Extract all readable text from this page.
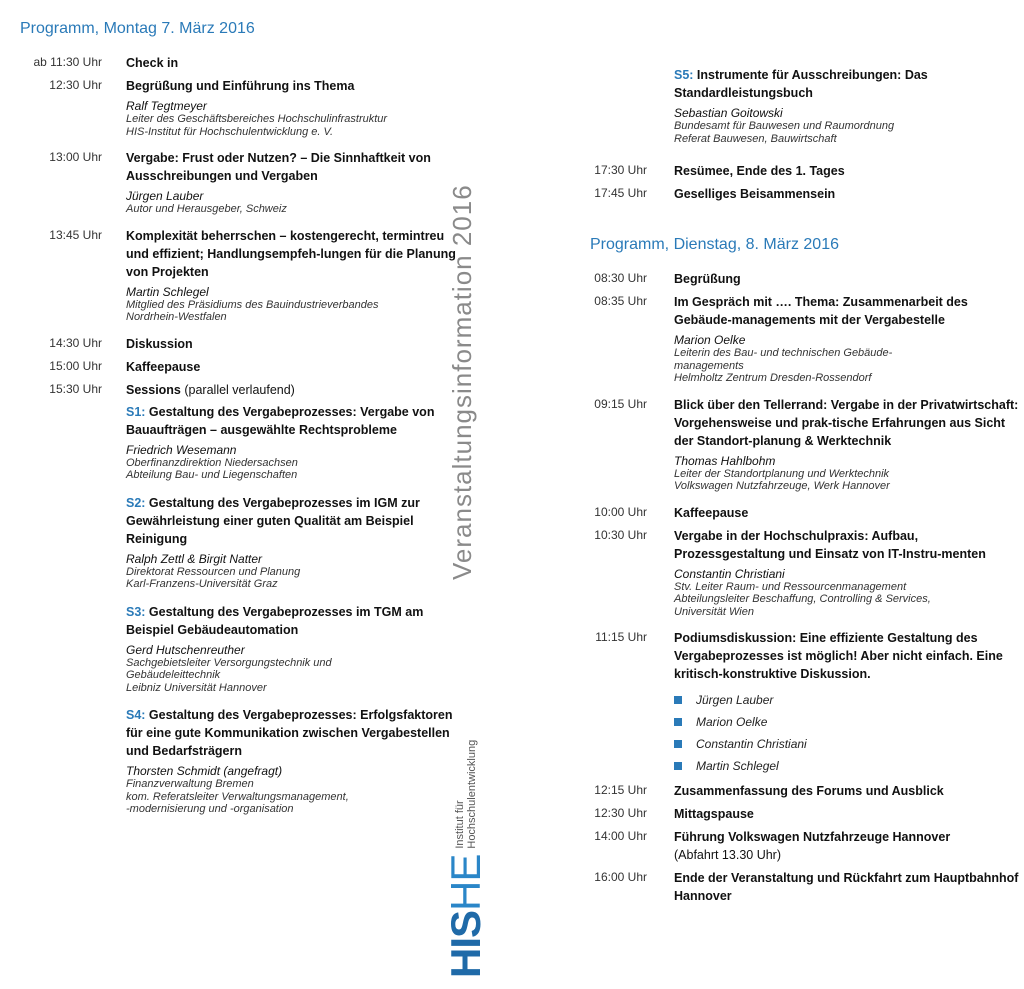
Programm, Montag 7. März 2016
ab 11:30 Uhr	Check in
12:30 Uhr	Begrüßung und Einführung ins Thema
Ralf Tegtmeyer
Leiter des Geschäftsbereiches Hochschulinfrastruktur
HIS-Institut für Hochschulentwicklung e. V.
13:00 Uhr	Vergabe: Frust oder Nutzen? – Die Sinnhaftkeit von Ausschreibungen und Vergaben
Jürgen Lauber
Autor und Herausgeber, Schweiz
13:45 Uhr	Komplexität beherrschen – kostengerecht, termintreu und effizient; Handlungsempfeh-lungen für die Planung von Projekten
Martin Schlegel
Mitglied des Präsidiums des Bauindustrieverbandes
Nordrhein-Westfalen
14:30 Uhr	Diskussion
15:00 Uhr	Kaffeepause
15:30 Uhr	Sessions (parallel verlaufend)
S1: Gestaltung des Vergabeprozesses: Vergabe von Bauaufträgen – ausgewählte Rechtsprobleme
Friedrich Wesemann
Oberfinanzdirektion Niedersachsen
Abteilung Bau- und Liegenschaften
S2: Gestaltung des Vergabeprozesses im IGM zur Gewährleistung einer guten Qualität am Beispiel Reinigung
Ralph Zettl & Birgit Natter
Direktorat Ressourcen und Planung
Karl-Franzens-Universität Graz
S3: Gestaltung des Vergabeprozesses im TGM am Beispiel Gebäudeautomation
Gerd Hutschenreuther
Sachgebietsleiter Versorgungstechnik und
Gebäudeleittechnik
Leibniz Universität Hannover
S4: Gestaltung des Vergabeprozesses: Erfolgsfaktoren für eine gute Kommunikation zwischen Vergabestellen und Bedarfsträgern
Thorsten Schmidt (angefragt)
Finanzverwaltung Bremen
kom. Referatsleiter Verwaltungsmanagement,
-modernisierung und -organisation
Veranstaltungsinformation 2016
HIS
HE
Institut für Hochschulentwicklung
S5: Instrumente für Ausschreibungen: Das Standardleistungsbuch
Sebastian Goitowski
Bundesamt für Bauwesen und Raumordnung
Referat Bauwesen, Bauwirtschaft
17:30 Uhr	Resümee, Ende des 1. Tages
17:45 Uhr	Geselliges Beisammensein
Programm, Dienstag, 8. März 2016
08:30 Uhr	Begrüßung
08:35 Uhr	Im Gespräch mit …. Thema: Zusammenarbeit des Gebäude-managements mit der Vergabestelle
Marion Oelke
Leiterin des Bau- und technischen Gebäude-
managements
Helmholtz Zentrum Dresden-Rossendorf
09:15 Uhr	Blick über den Tellerrand: Vergabe in der Privatwirtschaft: Vorgehensweise und prak-tische Erfahrungen aus Sicht der Standort-planung & Werktechnik
Thomas Hahlbohm
Leiter der Standortplanung und Werktechnik
Volkswagen Nutzfahrzeuge, Werk Hannover
10:00 Uhr	Kaffeepause
10:30 Uhr	Vergabe in der Hochschulpraxis: Aufbau, Prozessgestaltung und Einsatz von IT-Instru-menten
Constantin Christiani
Stv. Leiter Raum- und Ressourcenmanagement
Abteilungsleiter Beschaffung, Controlling & Services,
Universität Wien
11:15 Uhr	Podiumsdiskussion: Eine effiziente Gestaltung des Vergabeprozesses ist möglich! Aber nicht einfach. Eine kritisch-konstruktive Diskussion.
Jürgen Lauber
Marion Oelke
Constantin Christiani
Martin Schlegel
12:15 Uhr	Zusammenfassung des Forums und Ausblick
12:30 Uhr	Mittagspause
14:00 Uhr	Führung Volkswagen Nutzfahrzeuge Hannover
(Abfahrt 13.30 Uhr)
16:00 Uhr	Ende der Veranstaltung und Rückfahrt zum Hauptbahnhof Hannover
